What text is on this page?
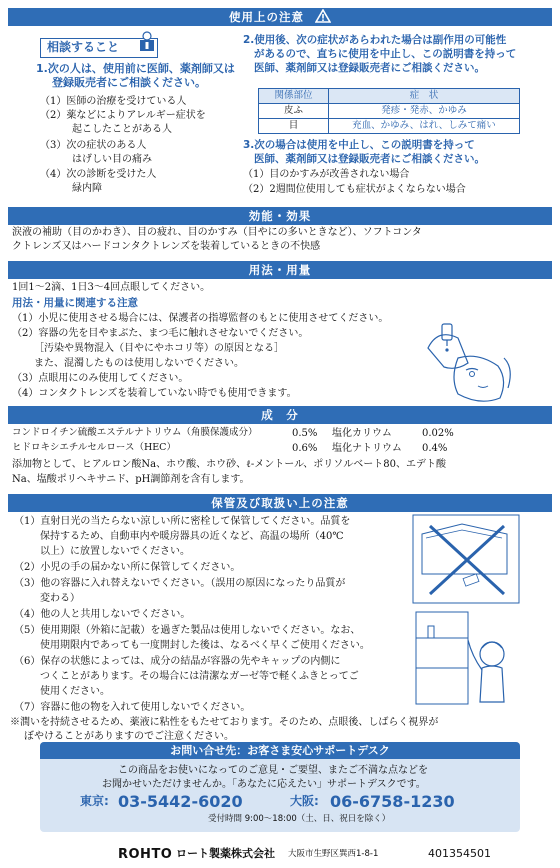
使用上の注意
相談すること
1.次の人は、使用前に医師、薬剤師又は
登録販売者にご相談ください。
（1）医師の治療を受けている人
（2）薬などによりアレルギー症状を
起こしたことがある人
（3）次の症状のある人
はげしい目の痛み
（4）次の診断を受けた人
緑内障
2.使用後、次の症状があらわれた場合は副作用の可能性
があるので、直ちに使用を中止し、この説明書を持って
医師、薬剤師又は登録販売者にご相談ください。
関係部位	症　状
皮ふ	発疹・発赤、かゆみ
目	充血、かゆみ、はれ、しみて痛い
3.次の場合は使用を中止し、この説明書を持って
医師、薬剤師又は登録販売者にご相談ください。
（1）目のかすみが改善されない場合
（2）2週間位使用しても症状がよくならない場合
効能・効果
涙液の補助（目のかわき）、目の疲れ、目のかすみ（目やにの多いときなど）、ソフトコンタ
クトレンズ又はハードコンタクトレンズを装着しているときの不快感
用法・用量
1回1～2滴、1日3～4回点眼してください。
用法・用量に関連する注意
（1）小児に使用させる場合には、保護者の指導監督のもとに使用させてください。
（2）容器の先を目やまぶた、まつ毛に触れさせないでください。
［汚染や異物混入（目やにやホコリ等）の原因となる］
また、混濁したものは使用しないでください。
（3）点眼用にのみ使用してください。
（4）コンタクトレンズを装着していない時でも使用できます。
成　分
コンドロイチン硫酸エステルナトリウム（角膜保護成分）	0.5% 塩化カリウム	0.02%
ヒドロキシエチルセルロース（HEC）	0.6% 塩化ナトリウム 0.4%
添加物として、ヒアルロン酸Na、ホウ酸、ホウ砂、ℓ-メントール、ポリソルベート80、エデト酸
Na、塩酸ポリヘキサニド、pH調節剤を含有します。
保管及び取扱い上の注意
（1）直射日光の当たらない涼しい所に密栓して保管してください。品質を
保持するため、自動車内や暖房器具の近くなど、高温の場所（40℃
以上）に放置しないでください。
（2）小児の手の届かない所に保管してください。
（3）他の容器に入れ替えないでください。（誤用の原因になったり品質が
変わる）
（4）他の人と共用しないでください。
（5）使用期限（外箱に記載）を過ぎた製品は使用しないでください。なお、
使用期限内であっても一度開封した後は、なるべく早くご使用ください。
（6）保存の状態によっては、成分の結晶が容器の先やキャップの内側に
つくことがあります。その場合には清潔なガーゼ等で軽くふきとってご
使用ください。
（7）容器に他の物を入れて使用しないでください。
※潤いを持続させるため、薬液に粘性をもたせております。そのため、点眼後、しばらく視界が
ぼやけることがありますのでご注意ください。
お問い合せ先：お客さま安心サポートデスク
この商品をお使いになってのご意見・ご要望、またご不満な点などを
お聞かせいただけませんか。「あなたに応えたい」サポートデスクです。
東京: 03-5442-6020	大阪: 06-6758-1230
受付時間 9:00～18:00（土、日、祝日を除く）
ROHTO ロート製薬株式会社 大阪市生野区巽西1-8-1	401354501
